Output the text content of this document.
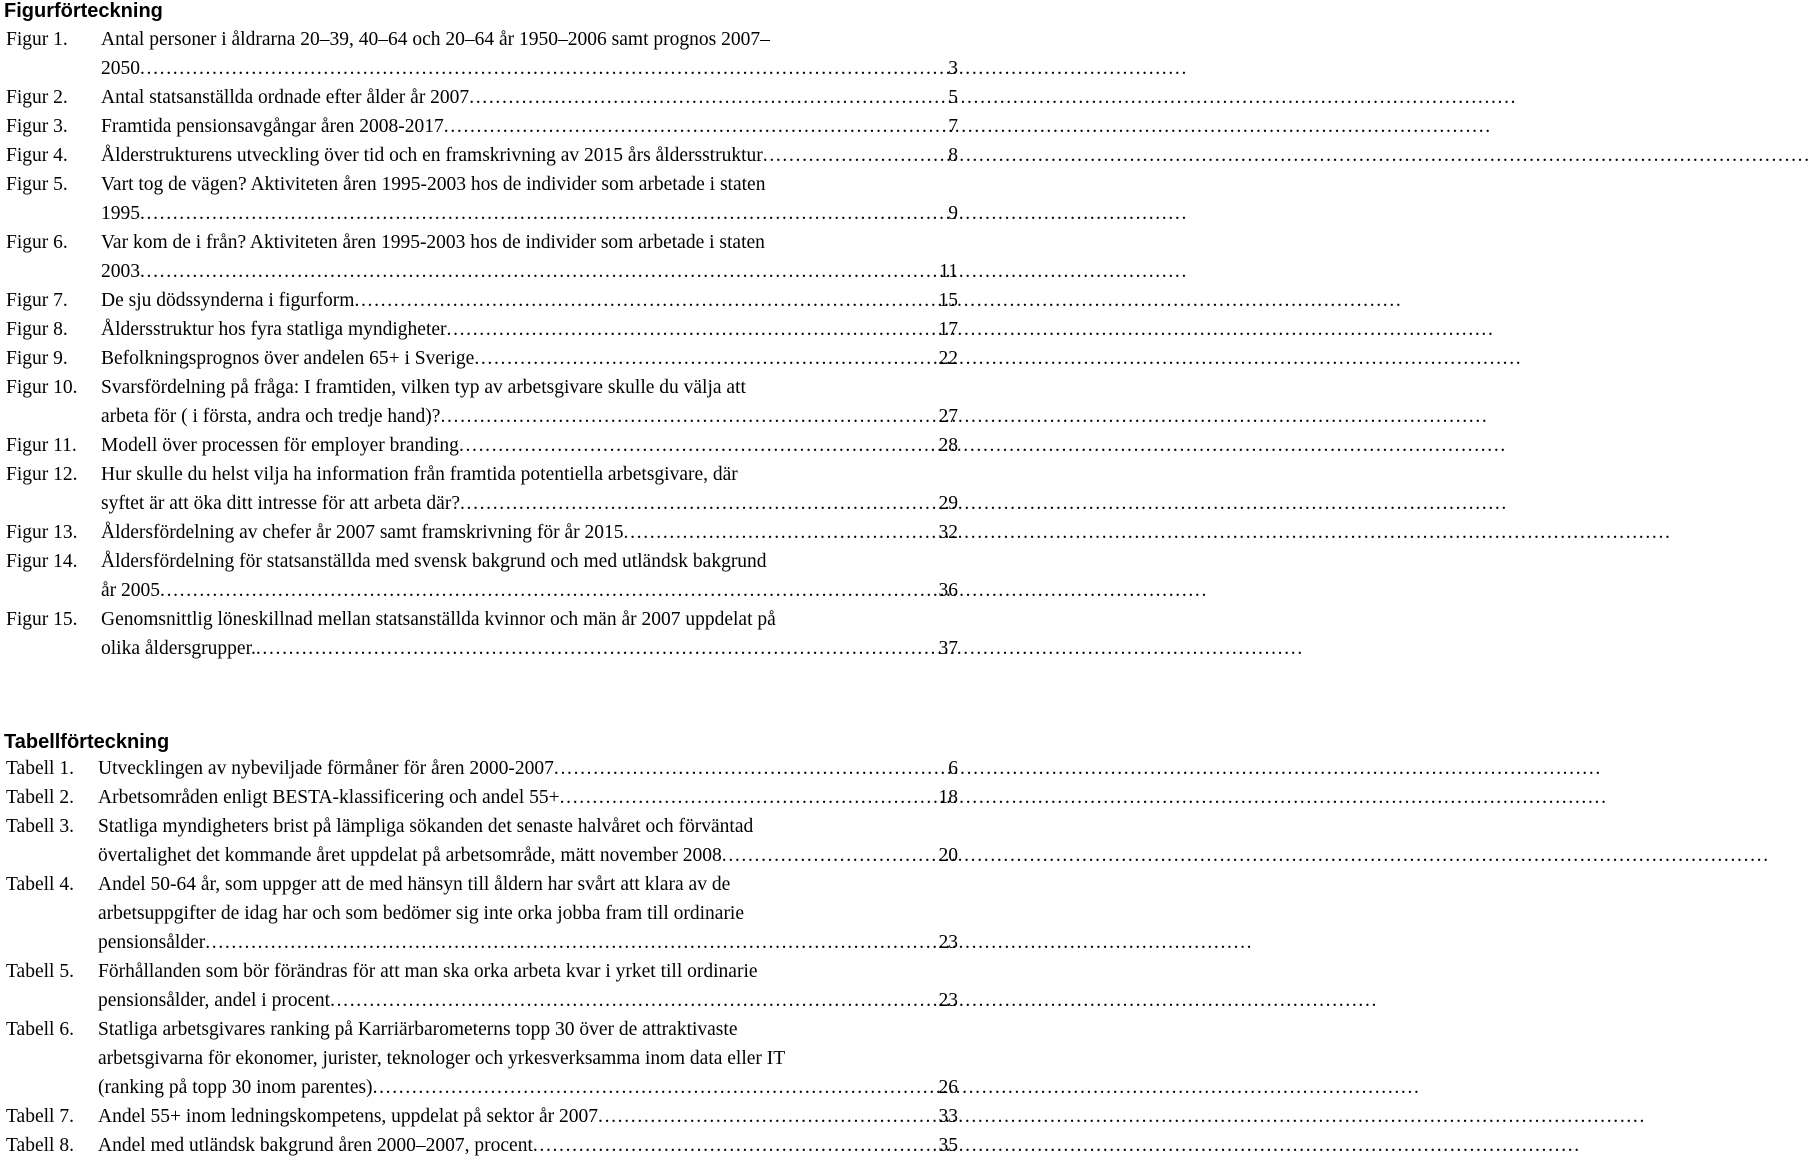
Figurförteckning
Figur 1.	Antal personer i åldrarna 20–39, 40–64 och 20–64 år 1950–2006 samt prognos 2007–
2050 . . .	3
Figur 2.	Antal statsanställda ordnade efter ålder år 2007 . . .	5
Figur 3.	Framtida pensionsavgångar åren 2008-2017 . . .	7
Figur 4.	Ålderstrukturens utveckling över tid och en framskrivning av 2015 års åldersstruktur . . .	8
Figur 5.	Vart tog de vägen? Aktiviteten åren 1995-2003 hos de individer som arbetade i staten
1995 . . .	9
Figur 6.	Var kom de i från? Aktiviteten åren 1995-2003 hos de individer som arbetade i staten
2003 . . .	11
Figur 7.	De sju dödssynderna i figurform . . .	15
Figur 8.	Åldersstruktur hos fyra statliga myndigheter . . .	17
Figur 9.	Befolkningsprognos över andelen 65+ i Sverige . . .	22
Figur 10.	Svarsfördelning på fråga: I framtiden, vilken typ av arbetsgivare skulle du välja att
arbeta för ( i första, andra och tredje hand)? . . .	27
Figur 11.	Modell över processen för employer branding . . .	28
Figur 12.	Hur skulle du helst vilja ha information från framtida potentiella arbetsgivare, där
syftet är att öka ditt intresse för att arbeta där? . . .	29
Figur 13.	Åldersfördelning av chefer år 2007 samt framskrivning för år 2015 . . .	32
Figur 14.	Åldersfördelning för statsanställda med svensk bakgrund och med utländsk bakgrund
år 2005 . . .	36
Figur 15.	Genomsnittlig löneskillnad mellan statsanställda kvinnor och män år 2007 uppdelat på
olika åldersgrupper. . . .	37
Tabellförteckning
Tabell 1.	Utvecklingen av nybeviljade förmåner för åren 2000-2007 . . .	6
Tabell 2.	Arbetsområden enligt BESTA-klassificering och andel 55+ . . .	18
Tabell 3.	Statliga myndigheters brist på lämpliga sökanden det senaste halvåret och förväntad
övertalighet det kommande året uppdelat på arbetsområde, mätt november 2008 . . .	20
Tabell 4.	Andel 50-64 år, som uppger att de med hänsyn till åldern har svårt att klara av de
arbetsuppgifter de idag har och som bedömer sig inte orka jobba fram till ordinarie
pensionsålder . . .	23
Tabell 5.	Förhållanden som bör förändras för att man ska orka arbeta kvar i yrket till ordinarie
pensionsålder, andel i procent . . .	23
Tabell 6.	Statliga arbetsgivares ranking på Karriärbarometerns topp 30 över de attraktivaste
arbetsgivarna för ekonomer, jurister, teknologer och yrkesverksamma inom data eller IT
(ranking på topp 30 inom parentes) . . .	26
Tabell 7.	Andel 55+ inom ledningskompetens, uppdelat på sektor år 2007 . . .	33
Tabell 8.	Andel med utländsk bakgrund åren 2000–2007, procent . . .	35
